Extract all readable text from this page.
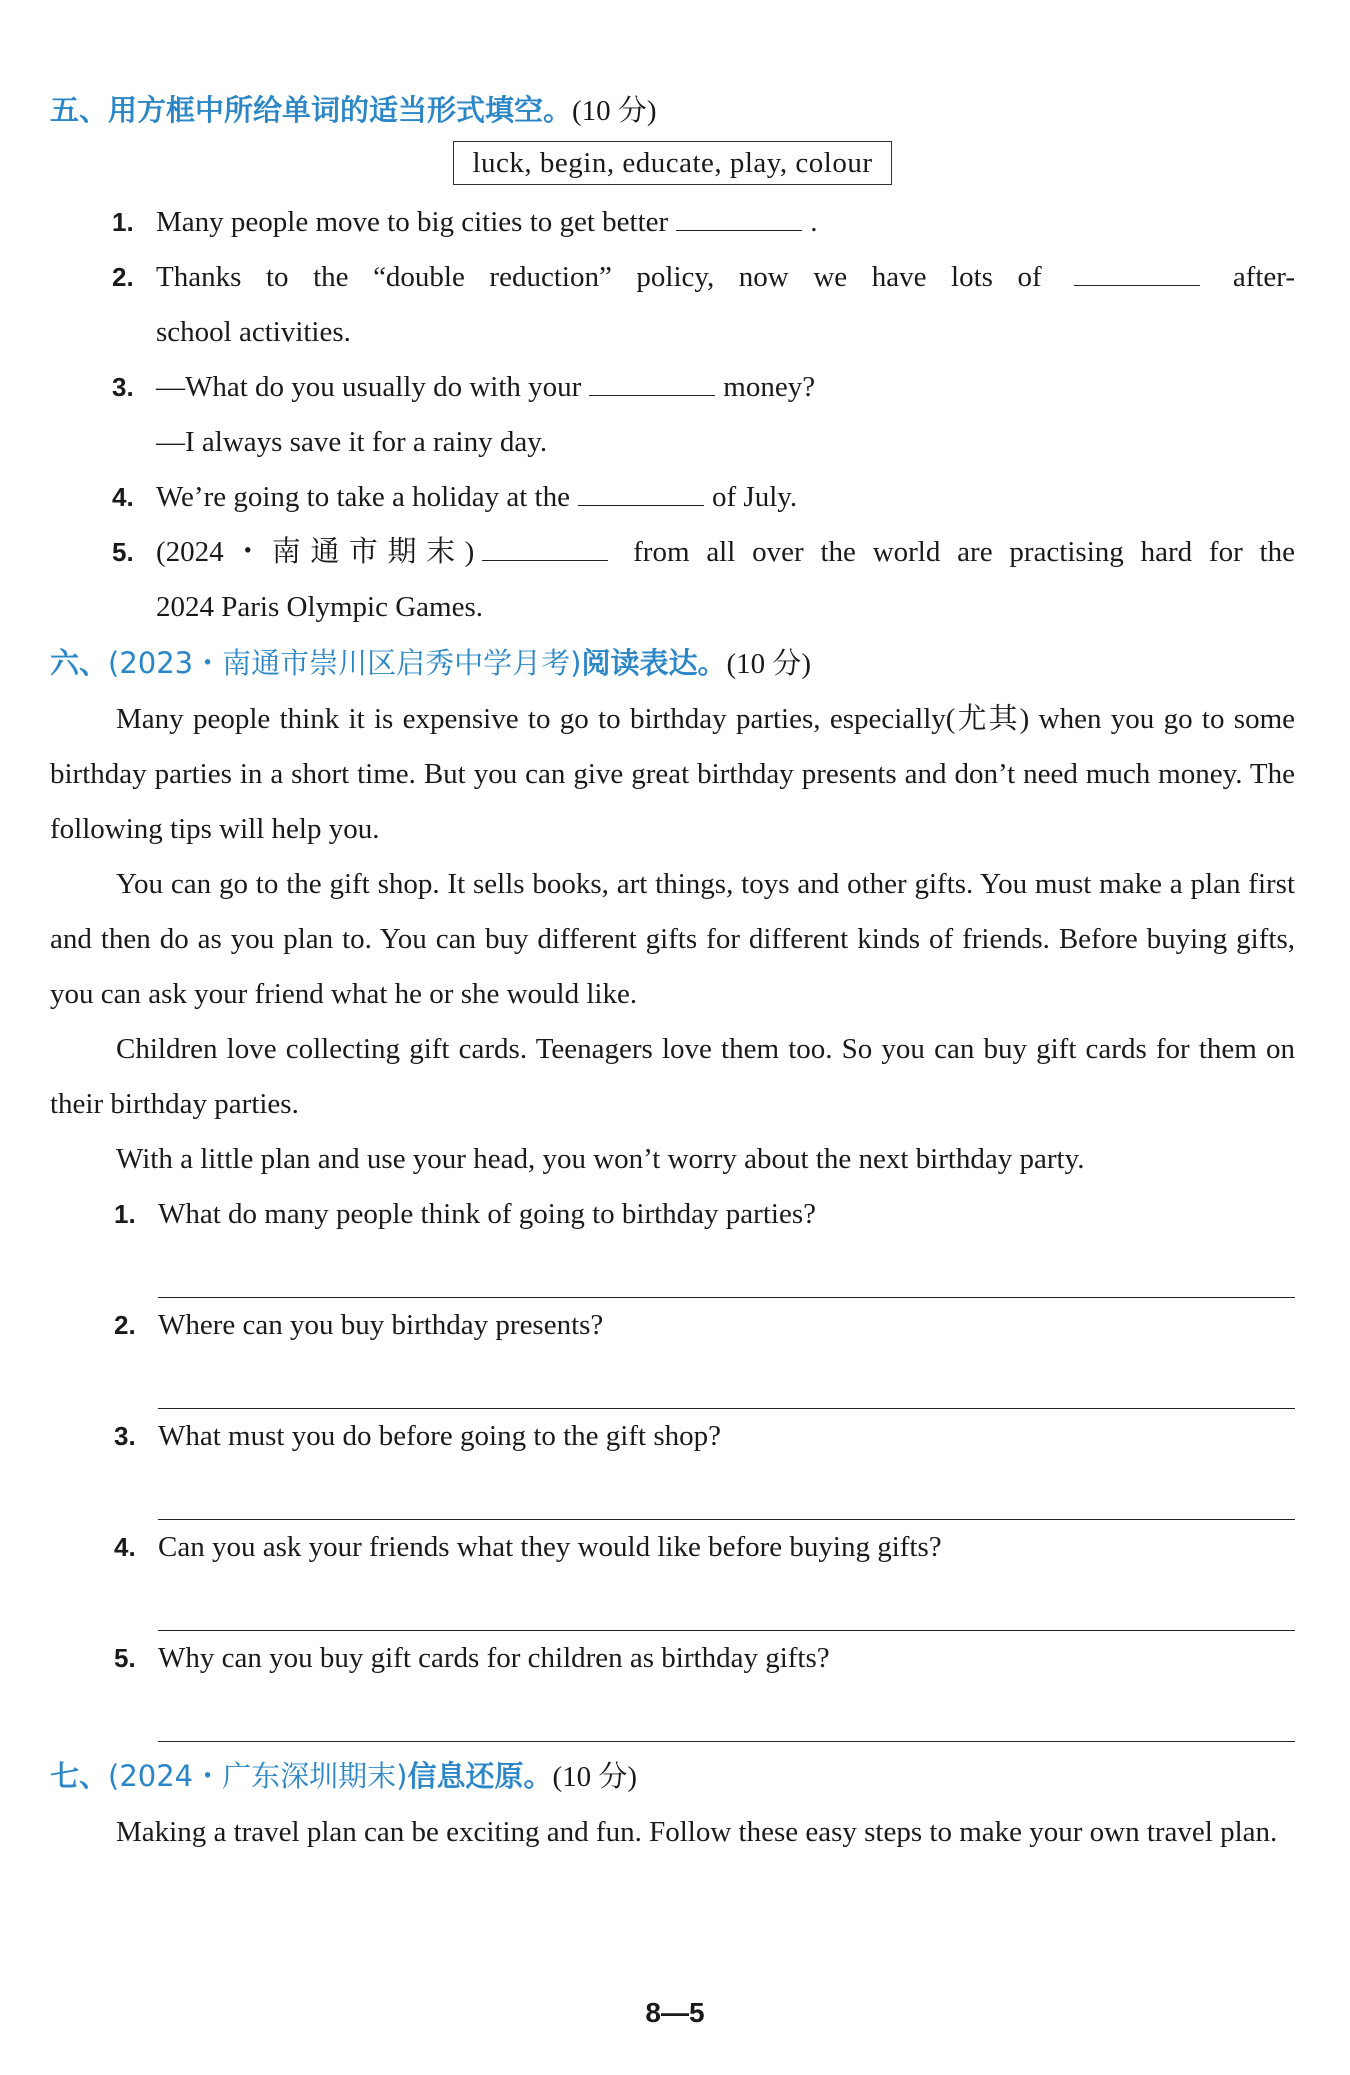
五、用方框中所给单词的适当形式填空。(10 分)
luck, begin, educate, play, colour
1. Many people move to big cities to get better	.
2. Thanks to the “double reduction” policy, now we have lots of	after-
school activities.
3. —What do you usually do with your	money?
—I always save it for a rainy day.
4. We’re going to take a holiday at the	of July.
5. (2024・南通市期末)	from all over the world are practising hard for the
2024 Paris Olympic Games.
六、(2023・南通市崇川区启秀中学月考)阅读表达。(10 分)
Many people think it is expensive to go to birthday parties, especially(尤其) when you go to some birthday parties in a short time. But you can give great birthday presents and don’t need much money. The following tips will help you.
You can go to the gift shop. It sells books, art things, toys and other gifts. You must make a plan first and then do as you plan to. You can buy different gifts for different kinds of friends. Before buying gifts, you can ask your friend what he or she would like.
Children love collecting gift cards. Teenagers love them too. So you can buy gift cards for them on their birthday parties.
With a little plan and use your head, you won’t worry about the next birthday party.
1. What do many people think of going to birthday parties?
2. Where can you buy birthday presents?
3. What must you do before going to the gift shop?
4. Can you ask your friends what they would like before buying gifts?
5. Why can you buy gift cards for children as birthday gifts?
七、(2024・广东深圳期末)信息还原。(10 分)
Making a travel plan can be exciting and fun. Follow these easy steps to make your own travel plan.
8—5
